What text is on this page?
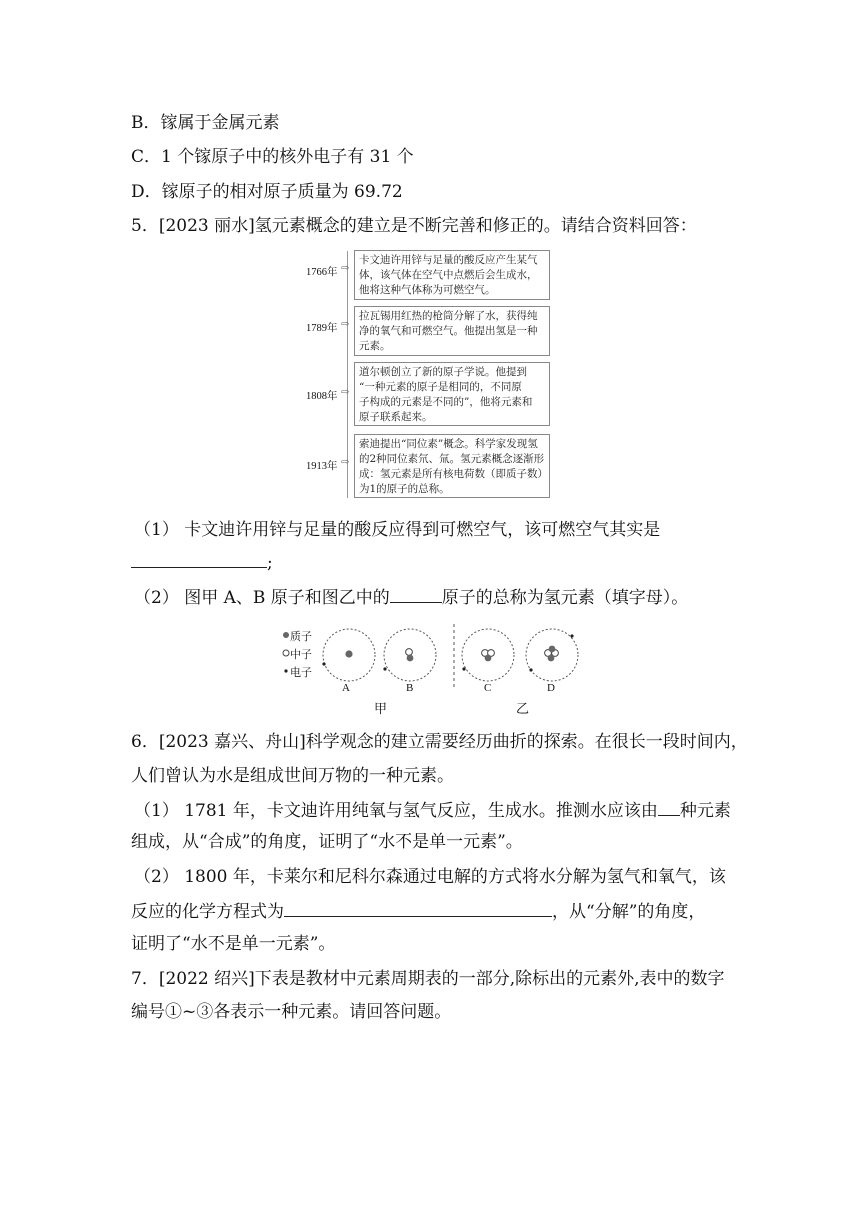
B．镓属于金属元素
C．1 个镓原子中的核外电子有 31 个
D．镓原子的相对原子质量为 69.72
5．[2023 丽水]氢元素概念的建立是不断完善和修正的。请结合资料回答：
1766年 ⇨
卡文迪许用锌与足量的酸反应产生某气
体，该气体在空气中点燃后会生成水，
他将这种气体称为可燃空气。
1789年 ⇨
拉瓦锡用红热的枪筒分解了水，获得纯
净的氧气和可燃空气。他提出氢是一种
元素。
1808年 ⇨
道尔顿创立了新的原子学说。他提到
“一种元素的原子是相同的，不同原
子构成的元素是不同的”，他将元素和
原子联系起来。
1913年 ⇨
索迪提出“同位素”概念。科学家发现氢
的2种同位素氘、氚。氢元素概念逐渐形
成：氢元素是所有核电荷数（即质子数）
为1的原子的总称。
（1） 卡文迪许用锌与足量的酸反应得到可燃空气，该可燃空气其实是
;
（2） 图甲 A、B 原子和图乙中的	原子的总称为氢元素（填字母）。
质子
中子
电子
A	B	C	D
甲	乙
6．[2023 嘉兴、舟山]科学观念的建立需要经历曲折的探索。在很长一段时间内，
人们曾认为水是组成世间万物的一种元素。
（1） 1781 年，卡文迪许用纯氧与氢气反应，生成水。推测水应该由 种元素
组成，从“合成”的角度，证明了“水不是单一元素”。
（2） 1800 年，卡莱尔和尼科尔森通过电解的方式将水分解为氢气和氧气，该
反应的化学方程式为	，从“分解”的角度，
证明了“水不是单一元素”。
7．[2022 绍兴]下表是教材中元素周期表的一部分,除标出的元素外,表中的数字
编号①~③各表示一种元素。请回答问题。
